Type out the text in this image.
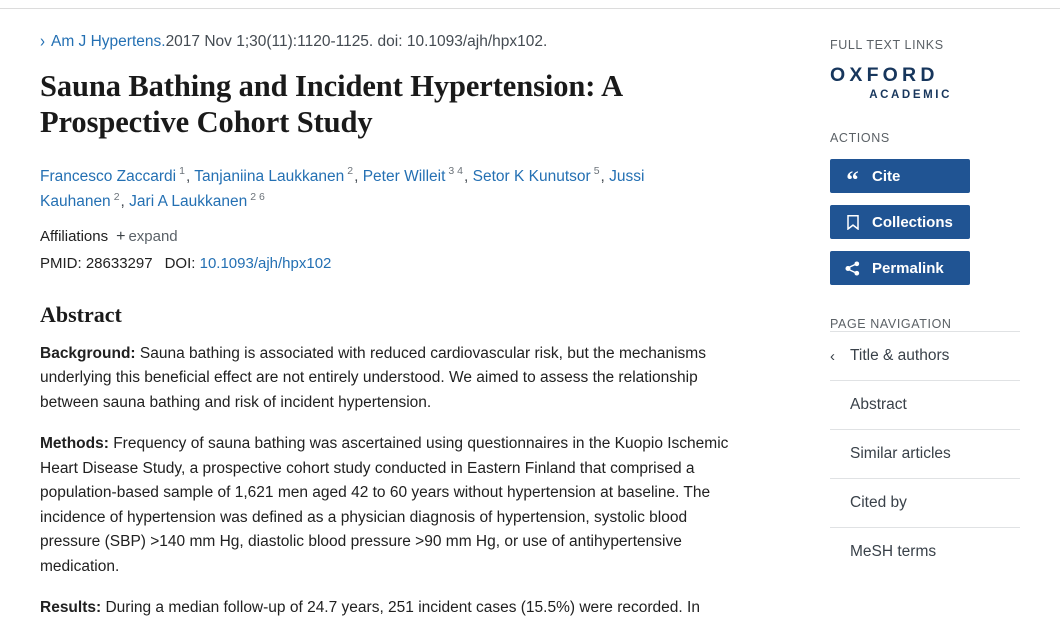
› Am J Hypertens.2017 Nov 1;30(11):1120-1125. doi: 10.1093/ajh/hpx102.
Sauna Bathing and Incident Hypertension: A Prospective Cohort Study
Francesco Zaccardi $^1$, Tanjaniina Laukkanen $^2$, Peter Willeit $^{3 4}$, Setor K Kunutsor $^5$, Jussi Kauhanen $^2$, Jari A Laukkanen $^{2 6}$
Affiliations + expand
PMID: 28633297 DOI: 10.1093/ajh/hpx102
Abstract

Background: Sauna bathing is associated with reduced cardiovascular risk, but the mechanisms underlying this beneficial effect are not entirely understood. We aimed to assess the relationship between sauna bathing and risk of incident hypertension.

Methods: Frequency of sauna bathing was ascertained using questionnaires in the Kuopio Ischemic Heart Disease Study, a prospective cohort study conducted in Eastern Finland that comprised a population-based sample of 1,621 men aged 42 to 60 years without hypertension at baseline. The incidence of hypertension was defined as a physician diagnosis of hypertension, systolic blood pressure (SBP) >140 mm Hg, diastolic blood pressure >90 mm Hg, or use of antihypertensive medication.

Results: During a median follow-up of 24.7 years, 251 incident cases (15.5%) were recorded. In

FULL TEXT LINKS
OXFORD
ACADEMIC
ACTIONS
“ Cite
Collections
Permalink
PAGE NAVIGATION
‹ Title & authors
Abstract
Similar articles
Cited by
MeSH terms
